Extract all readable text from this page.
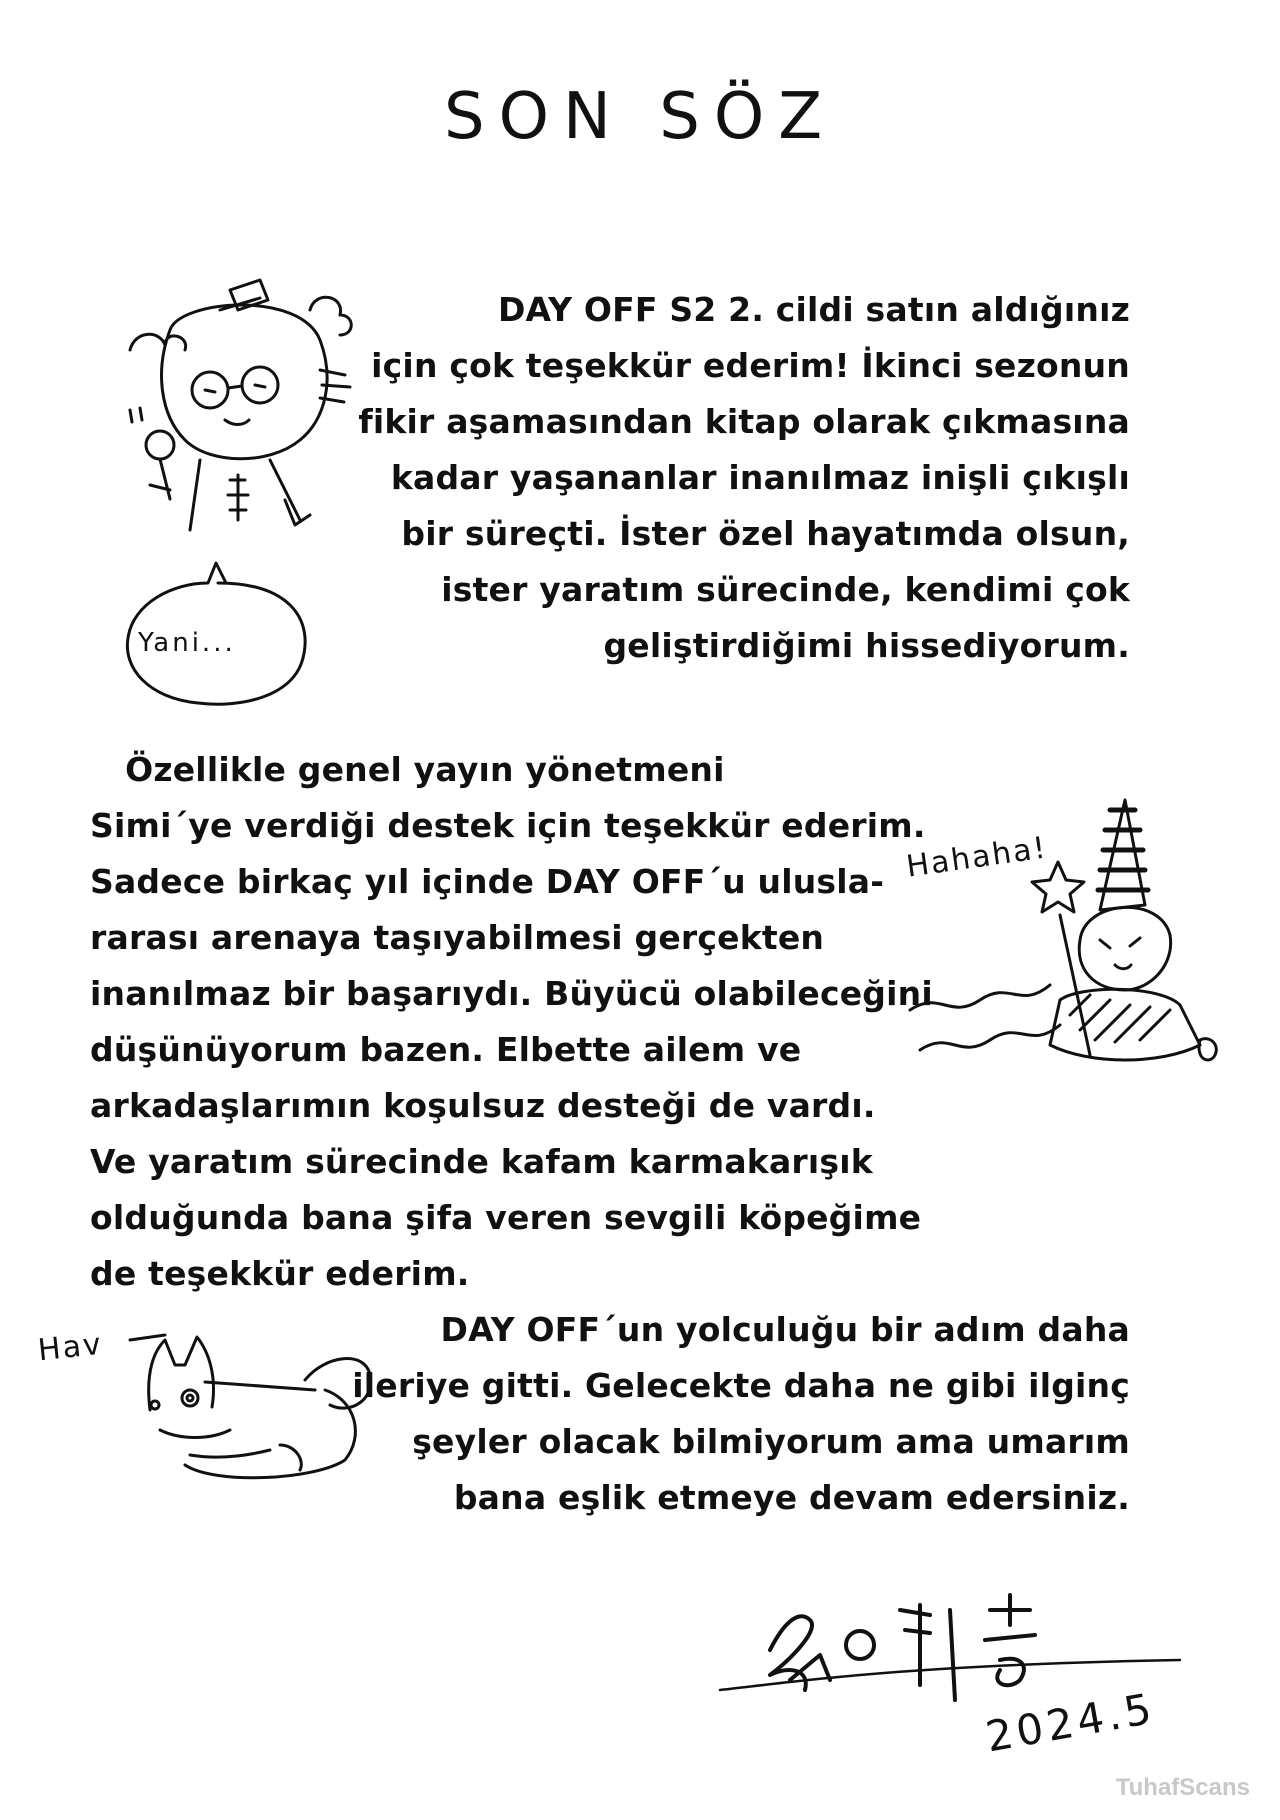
SON SÖZ
DAY OFF S2 2. cildi satın aldığınız
için çok teşekkür ederim! İkinci sezonun
fikir aşamasından kitap olarak çıkmasına
kadar yaşananlar inanılmaz inişli çıkışlı
bir süreçti. İster özel hayatımda olsun,
ister yaratım sürecinde, kendimi çok
geliştirdiğimi hissediyorum.
Özellikle genel yayın yönetmeni
Simi´ye verdiği destek için teşekkür ederim.
Sadece birkaç yıl içinde DAY OFF´u ulusla-
rarası arenaya taşıyabilmesi gerçekten
inanılmaz bir başarıydı. Büyücü olabileceğini
düşünüyorum bazen. Elbette ailem ve
arkadaşlarımın koşulsuz desteği de vardı.
Ve yaratım sürecinde kafam karmakarışık
olduğunda bana şifa veren sevgili köpeğime
de teşekkür ederim.
DAY OFF´un yolculuğu bir adım daha
ileriye gitti. Gelecekte daha ne gibi ilginç
şeyler olacak bilmiyorum ama umarım
bana eşlik etmeye devam edersiniz.
Yani...
Hahaha!
Hav
2024.5
TuhafScans
